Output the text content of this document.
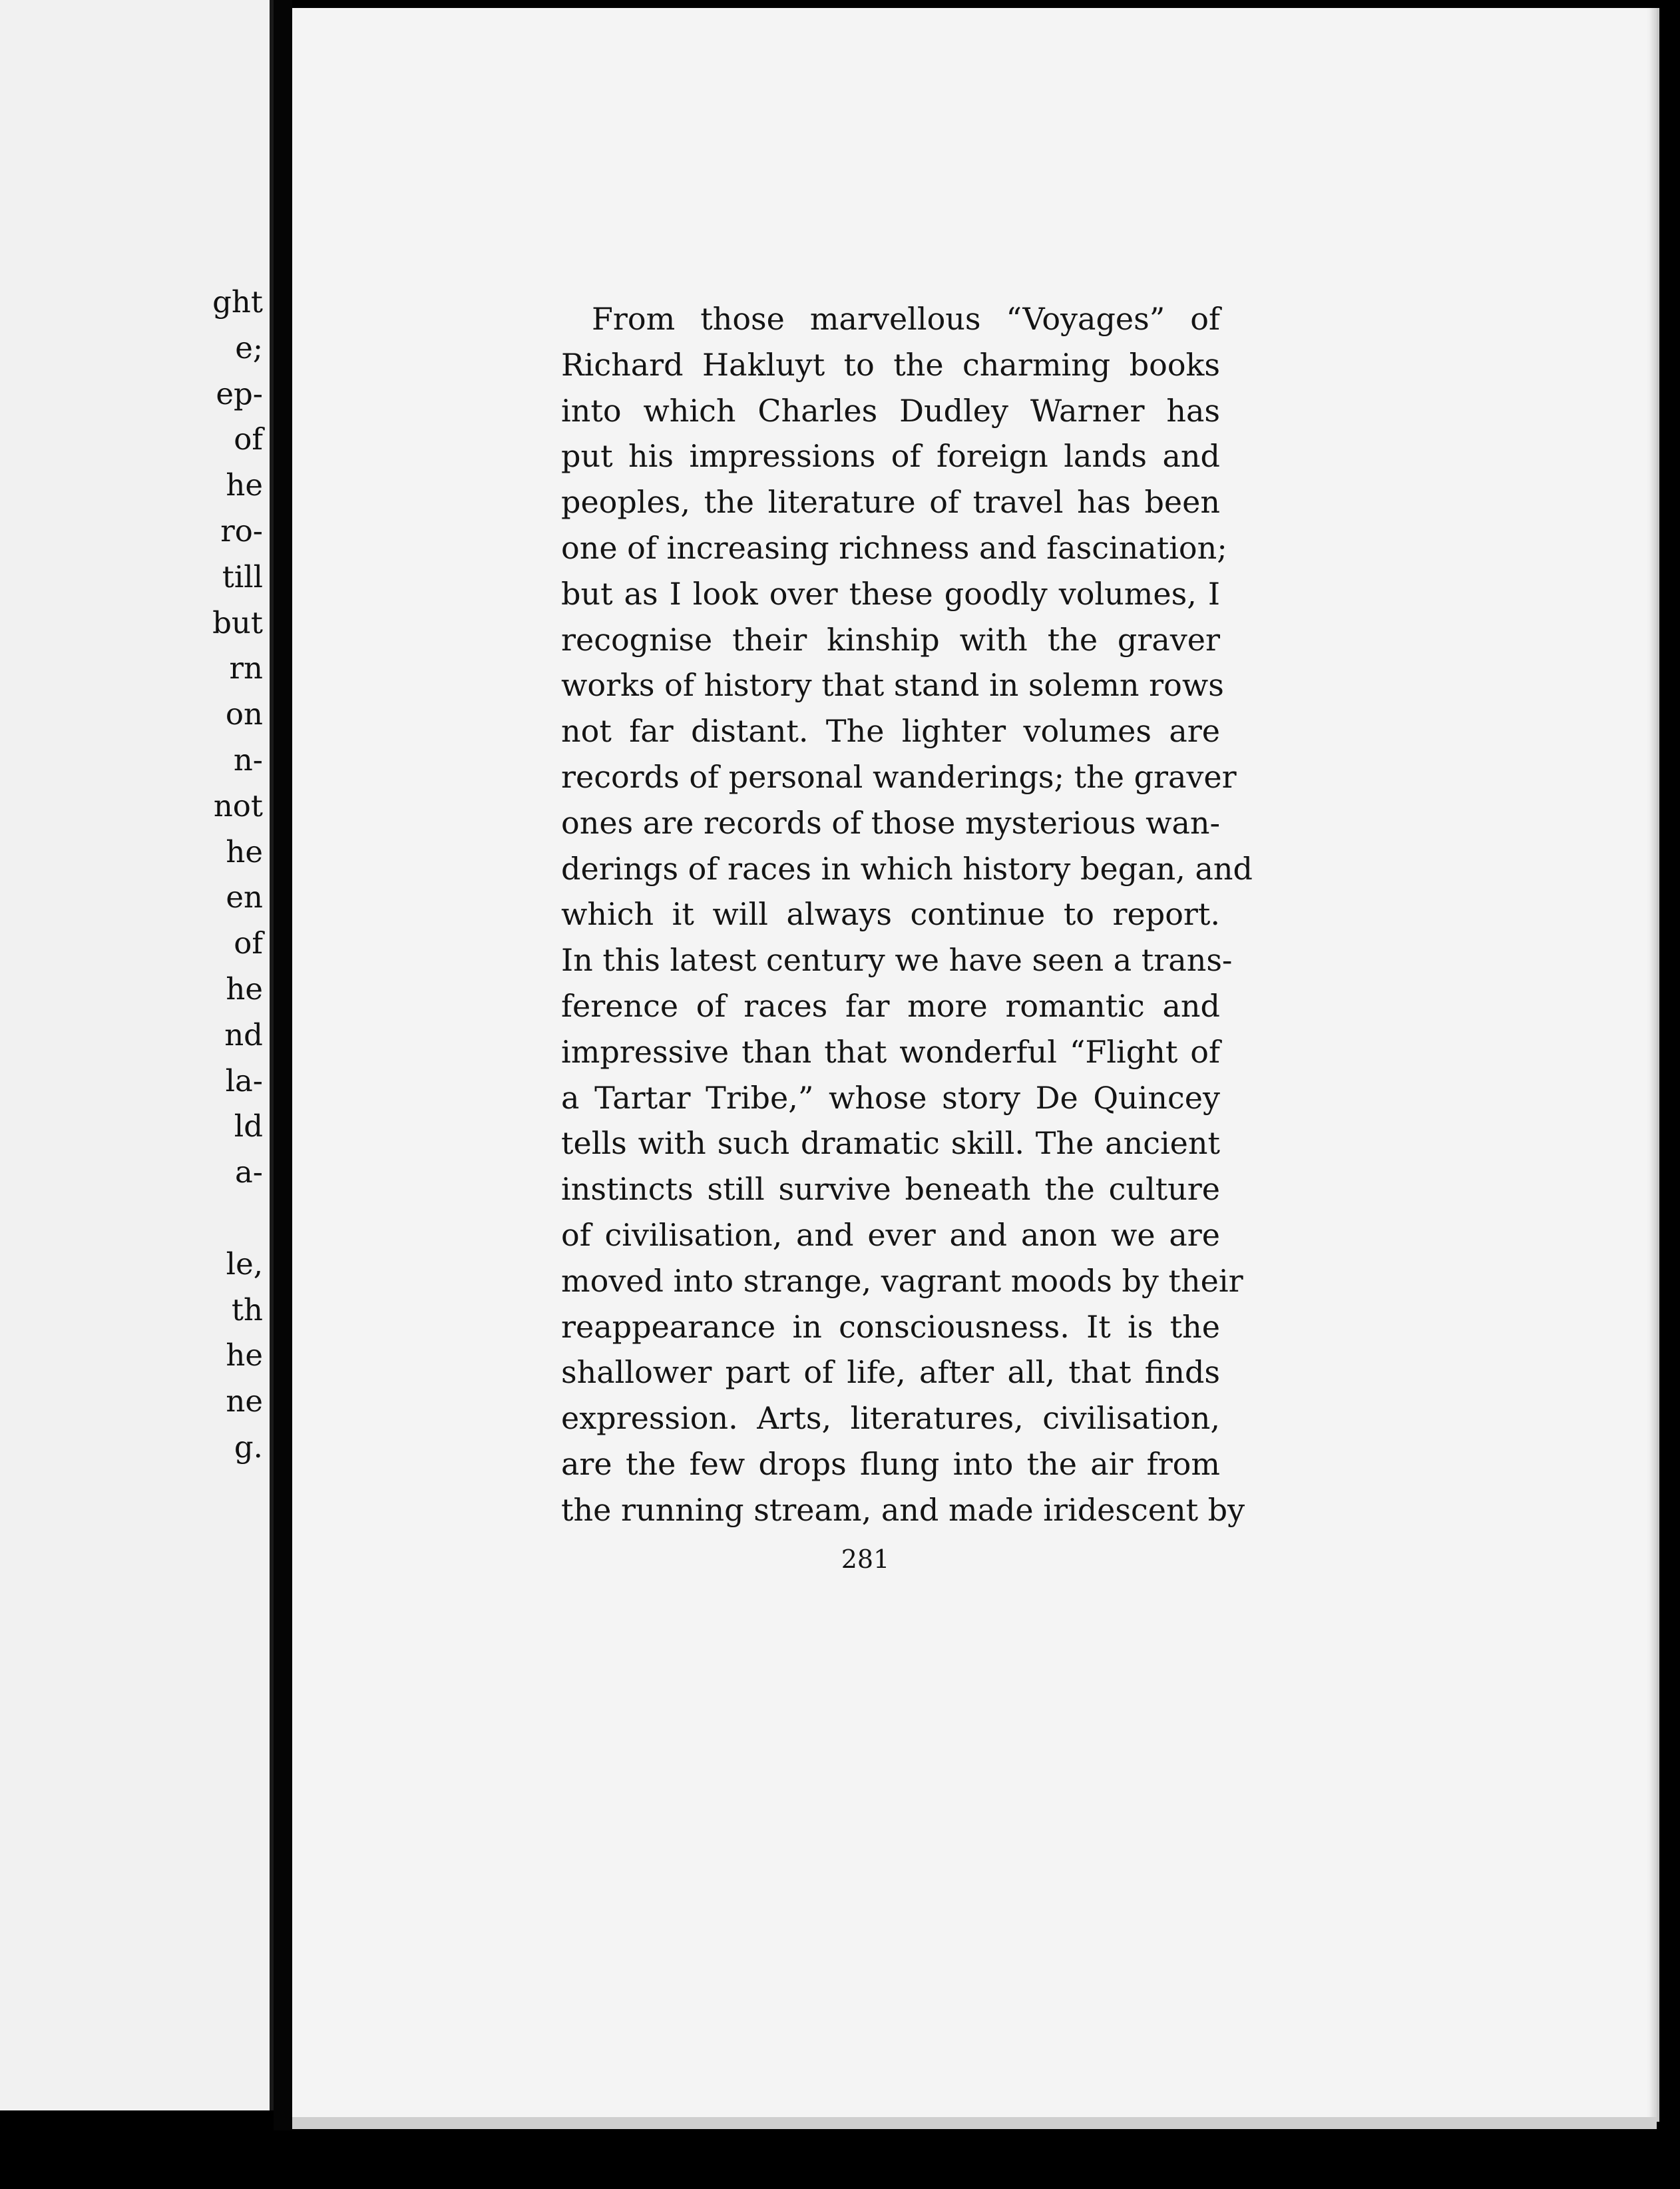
ght
e;
ep-
of
he
ro-
till
but
rn
on
n-
not
he
en
of
he
nd
la-
ld
a-
le,
th
he
ne
g.
From those marvellous “Voyages” of
Richard Hakluyt to the charming books
into which Charles Dudley Warner has
put his impressions of foreign lands and
peoples, the literature of travel has been
one of increasing richness and fascination;
but as I look over these goodly volumes, I
recognise their kinship with the graver
works of history that stand in solemn rows
not far distant. The lighter volumes are
records of personal wanderings; the graver
ones are records of those mysterious wan-
derings of races in which history began, and
which it will always continue to report.
In this latest century we have seen a trans-
ference of races far more romantic and
impressive than that wonderful “Flight of
a Tartar Tribe,” whose story De Quincey
tells with such dramatic skill. The ancient
instincts still survive beneath the culture
of civilisation, and ever and anon we are
moved into strange, vagrant moods by their
reappearance in consciousness. It is the
shallower part of life, after all, that finds
expression. Arts, literatures, civilisation,
are the few drops flung into the air from
the running stream, and made iridescent by
281
